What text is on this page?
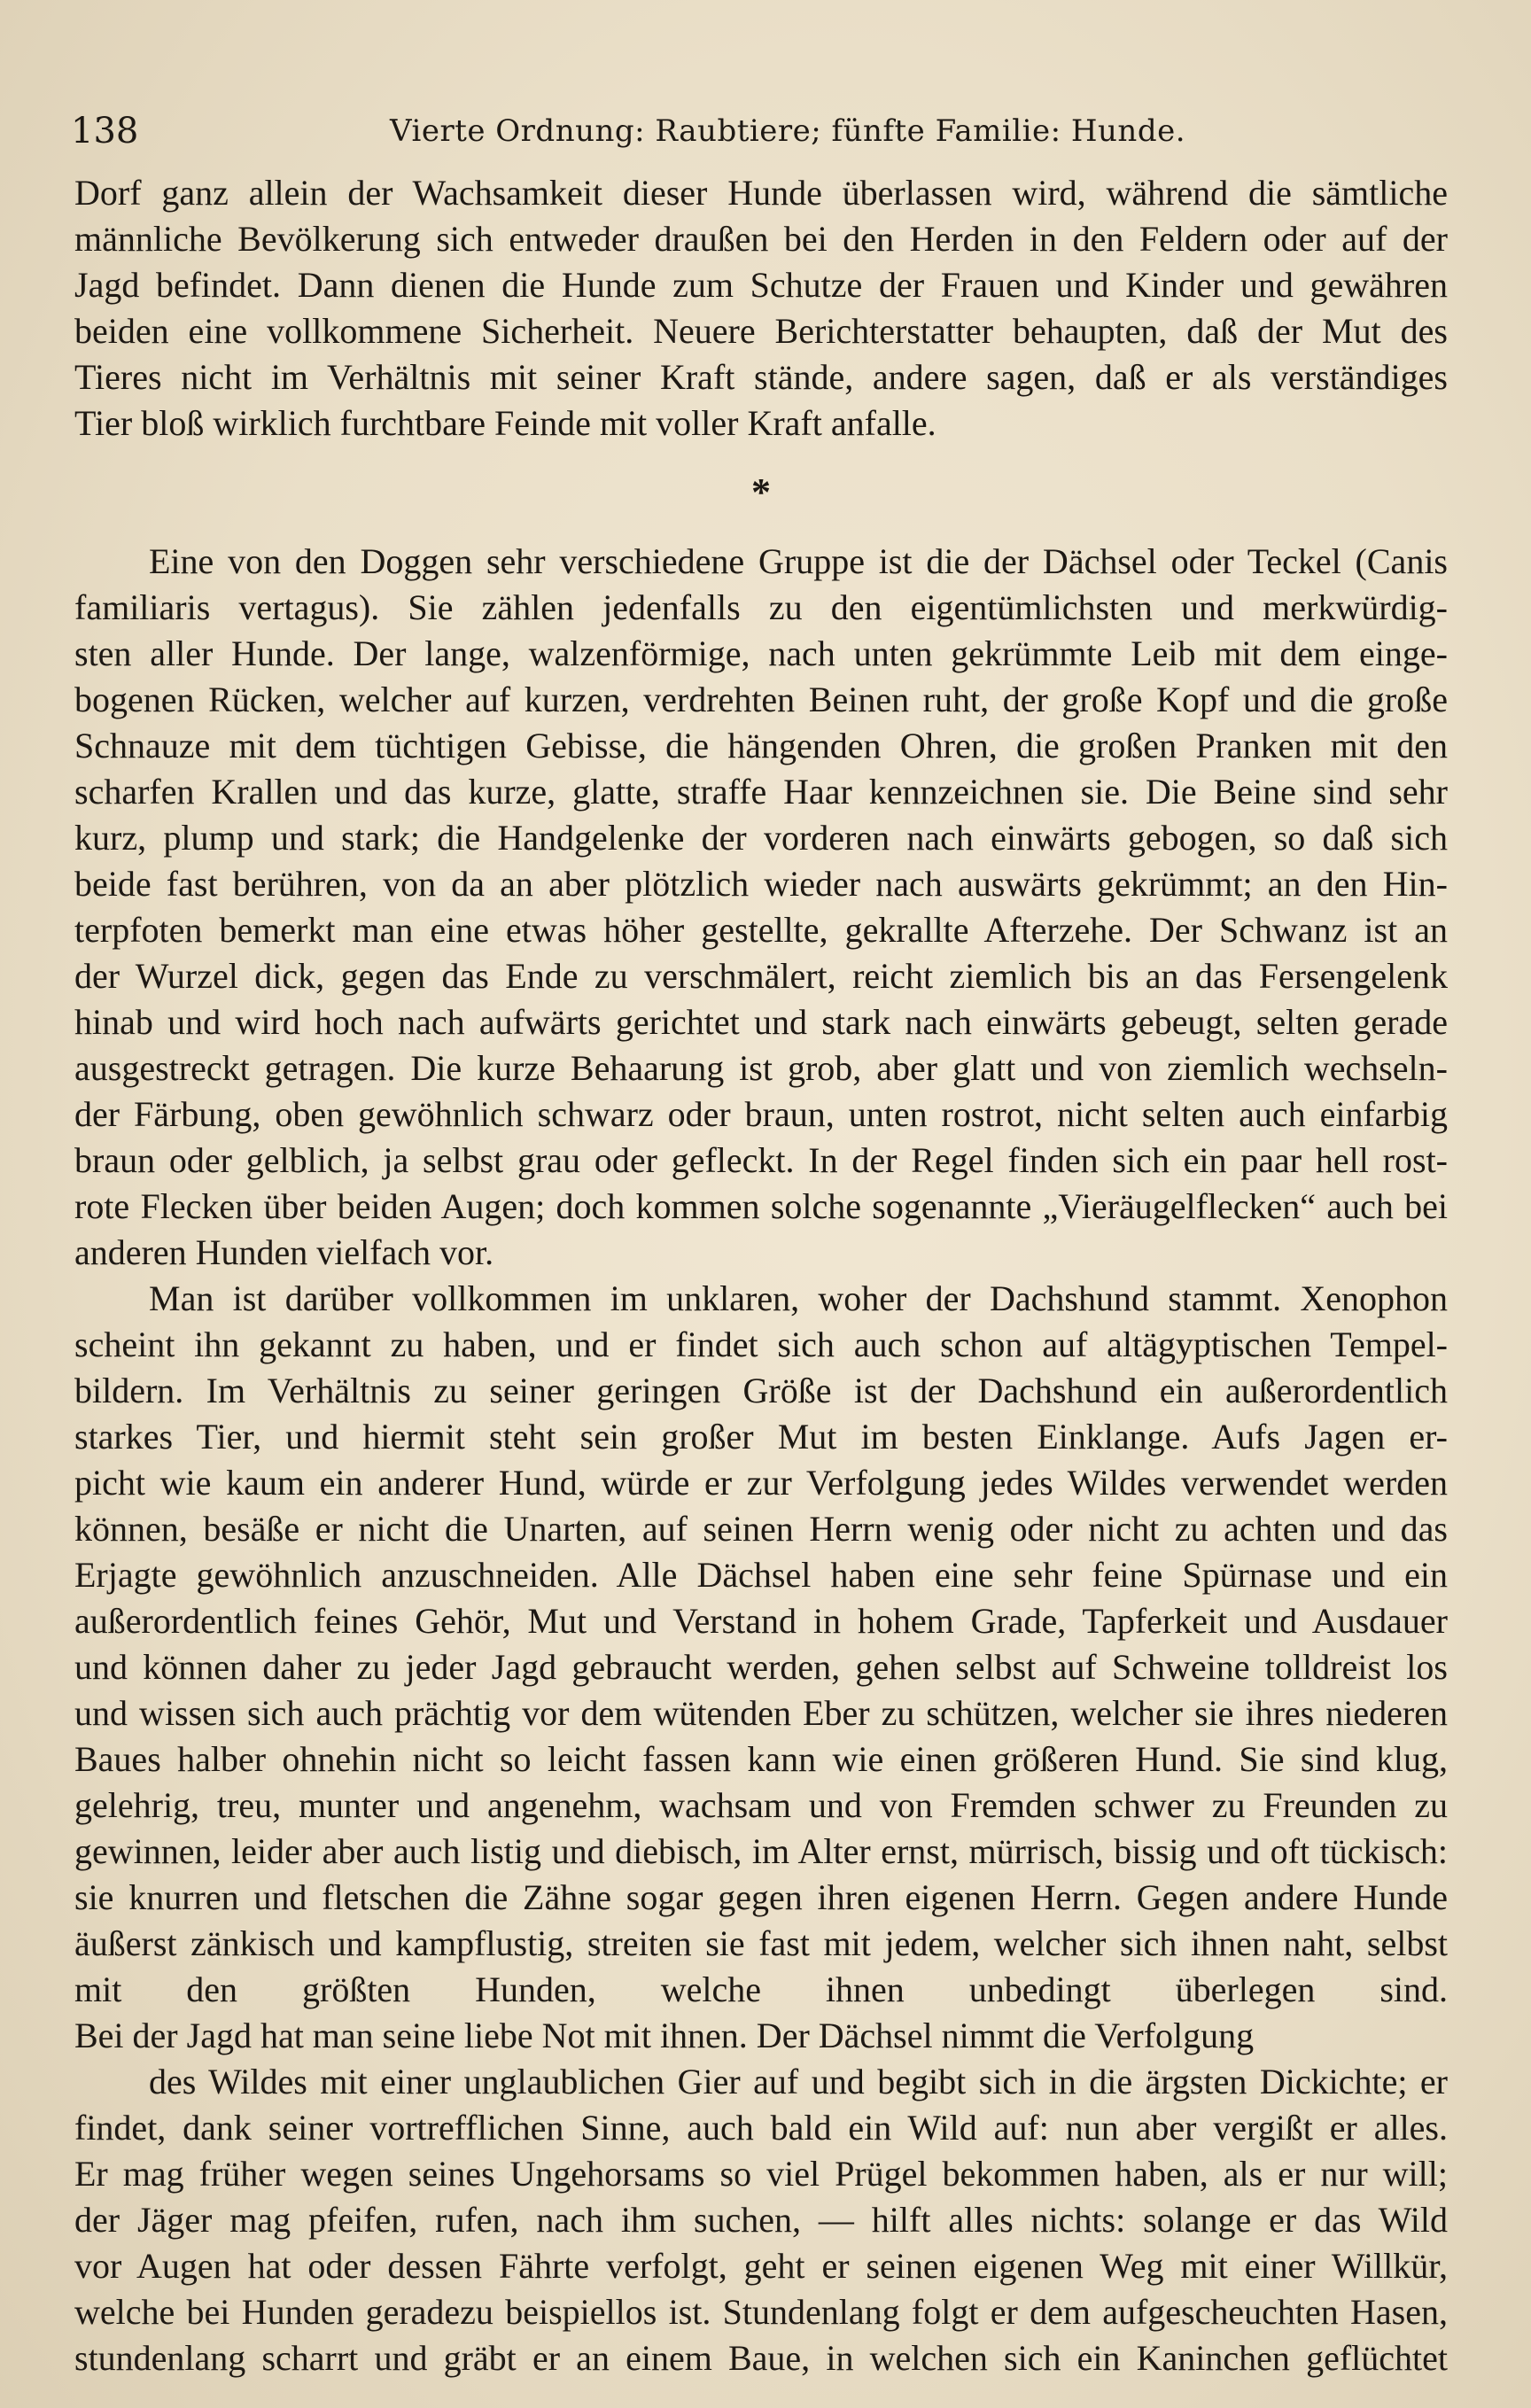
138	Vierte Ordnung: Raubtiere; fünfte Familie: Hunde.
Dorf ganz allein der Wachsamkeit dieser Hunde überlassen wird, während die sämtliche
männliche Bevölkerung sich entweder draußen bei den Herden in den Feldern oder auf der
Jagd befindet. Dann dienen die Hunde zum Schutze der Frauen und Kinder und gewähren
beiden eine vollkommene Sicherheit. Neuere Berichterstatter behaupten, daß der Mut des
Tieres nicht im Verhältnis mit seiner Kraft stände, andere sagen, daß er als verständiges
Tier bloß wirklich furchtbare Feinde mit voller Kraft anfalle.
*
Eine von den Doggen sehr verschiedene Gruppe ist die der Dächsel oder Teckel (Canis
familiaris vertagus). Sie zählen jedenfalls zu den eigentümlichsten und merkwürdig-
sten aller Hunde. Der lange, walzenförmige, nach unten gekrümmte Leib mit dem einge-
bogenen Rücken, welcher auf kurzen, verdrehten Beinen ruht, der große Kopf und die große
Schnauze mit dem tüchtigen Gebisse, die hängenden Ohren, die großen Pranken mit den
scharfen Krallen und das kurze, glatte, straffe Haar kennzeichnen sie. Die Beine sind sehr
kurz, plump und stark; die Handgelenke der vorderen nach einwärts gebogen, so daß sich
beide fast berühren, von da an aber plötzlich wieder nach auswärts gekrümmt; an den Hin-
terpfoten bemerkt man eine etwas höher gestellte, gekrallte Afterzehe. Der Schwanz ist an
der Wurzel dick, gegen das Ende zu verschmälert, reicht ziemlich bis an das Fersengelenk
hinab und wird hoch nach aufwärts gerichtet und stark nach einwärts gebeugt, selten gerade
ausgestreckt getragen. Die kurze Behaarung ist grob, aber glatt und von ziemlich wechseln-
der Färbung, oben gewöhnlich schwarz oder braun, unten rostrot, nicht selten auch einfarbig
braun oder gelblich, ja selbst grau oder gefleckt. In der Regel finden sich ein paar hell rost-
rote Flecken über beiden Augen; doch kommen solche sogenannte „Vieräugelflecken“ auch bei
anderen Hunden vielfach vor.
Man ist darüber vollkommen im unklaren, woher der Dachshund stammt. Xenophon
scheint ihn gekannt zu haben, und er findet sich auch schon auf altägyptischen Tempel-
bildern. Im Verhältnis zu seiner geringen Größe ist der Dachshund ein außerordentlich
starkes Tier, und hiermit steht sein großer Mut im besten Einklange. Aufs Jagen er-
picht wie kaum ein anderer Hund, würde er zur Verfolgung jedes Wildes verwendet werden
können, besäße er nicht die Unarten, auf seinen Herrn wenig oder nicht zu achten und das
Erjagte gewöhnlich anzuschneiden. Alle Dächsel haben eine sehr feine Spürnase und ein
außerordentlich feines Gehör, Mut und Verstand in hohem Grade, Tapferkeit und Ausdauer
und können daher zu jeder Jagd gebraucht werden, gehen selbst auf Schweine tolldreist los
und wissen sich auch prächtig vor dem wütenden Eber zu schützen, welcher sie ihres niederen
Baues halber ohnehin nicht so leicht fassen kann wie einen größeren Hund. Sie sind klug,
gelehrig, treu, munter und angenehm, wachsam und von Fremden schwer zu Freunden zu
gewinnen, leider aber auch listig und diebisch, im Alter ernst, mürrisch, bissig und oft tückisch:
sie knurren und fletschen die Zähne sogar gegen ihren eigenen Herrn. Gegen andere Hunde
äußerst zänkisch und kampflustig, streiten sie fast mit jedem, welcher sich ihnen naht, selbst
mit den größten Hunden, welche ihnen unbedingt überlegen sind.
Bei der Jagd hat man seine liebe Not mit ihnen. Der Dächsel nimmt die Verfolgung
des Wildes mit einer unglaublichen Gier auf und begibt sich in die ärgsten Dickichte; er
findet, dank seiner vortrefflichen Sinne, auch bald ein Wild auf: nun aber vergißt er alles.
Er mag früher wegen seines Ungehorsams so viel Prügel bekommen haben, als er nur will;
der Jäger mag pfeifen, rufen, nach ihm suchen, — hilft alles nichts: solange er das Wild
vor Augen hat oder dessen Fährte verfolgt, geht er seinen eigenen Weg mit einer Willkür,
welche bei Hunden geradezu beispiellos ist. Stundenlang folgt er dem aufgescheuchten Hasen,
stundenlang scharrt und gräbt er an einem Baue, in welchen sich ein Kaninchen geflüchtet
